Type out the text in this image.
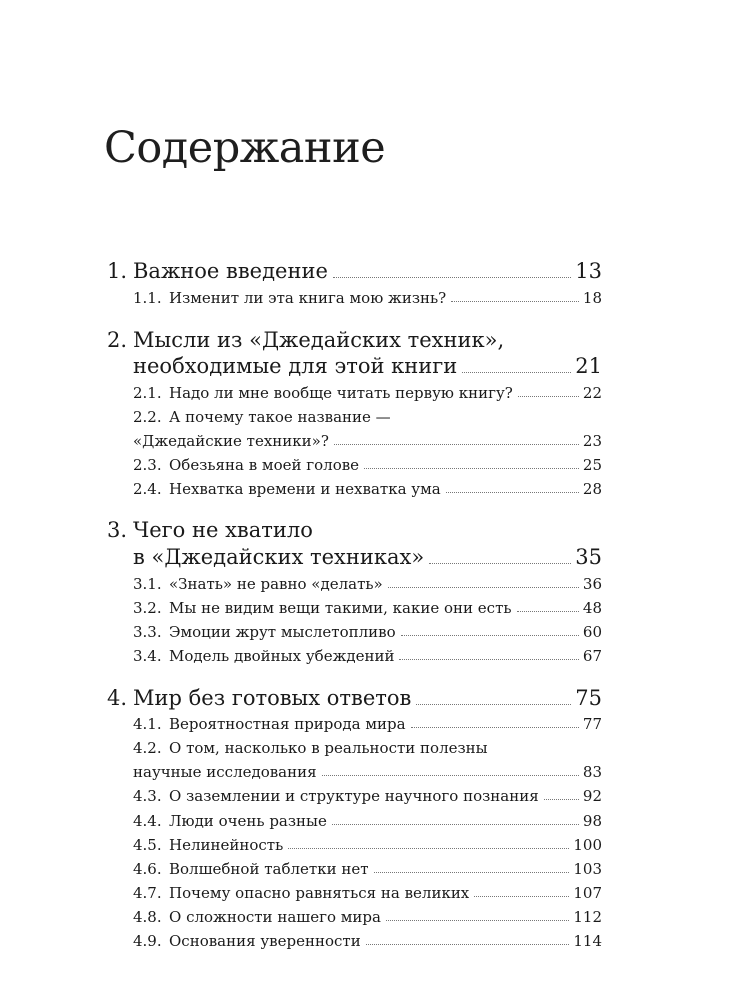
Содержание
1. Важное введение	13
1.1. Изменит ли эта книга мою жизнь?	18
2. Мысли из «Джедайских техник»,
необходимые для этой книги	21
2.1. Надо ли мне вообще читать первую книгу?	22
2.2. А почему такое название —
«Джедайские техники»?	23
2.3. Обезьяна в моей голове	25
2.4. Нехватка времени и нехватка ума	28
3. Чего не хватило
в «Джедайских техниках»	35
3.1. «Знать» не равно «делать»	36
3.2. Мы не видим вещи такими, какие они есть	48
3.3. Эмоции жрут мыслетопливо	60
3.4. Модель двойных убеждений	67
4. Мир без готовых ответов	75
4.1. Вероятностная природа мира	77
4.2. О том, насколько в реальности полезны
научные исследования	83
4.3. О заземлении и структуре научного познания	92
4.4. Люди очень разные	98
4.5. Нелинейность	100
4.6. Волшебной таблетки нет	103
4.7. Почему опасно равняться на великих	107
4.8. О сложности нашего мира	112
4.9. Основания уверенности	114
